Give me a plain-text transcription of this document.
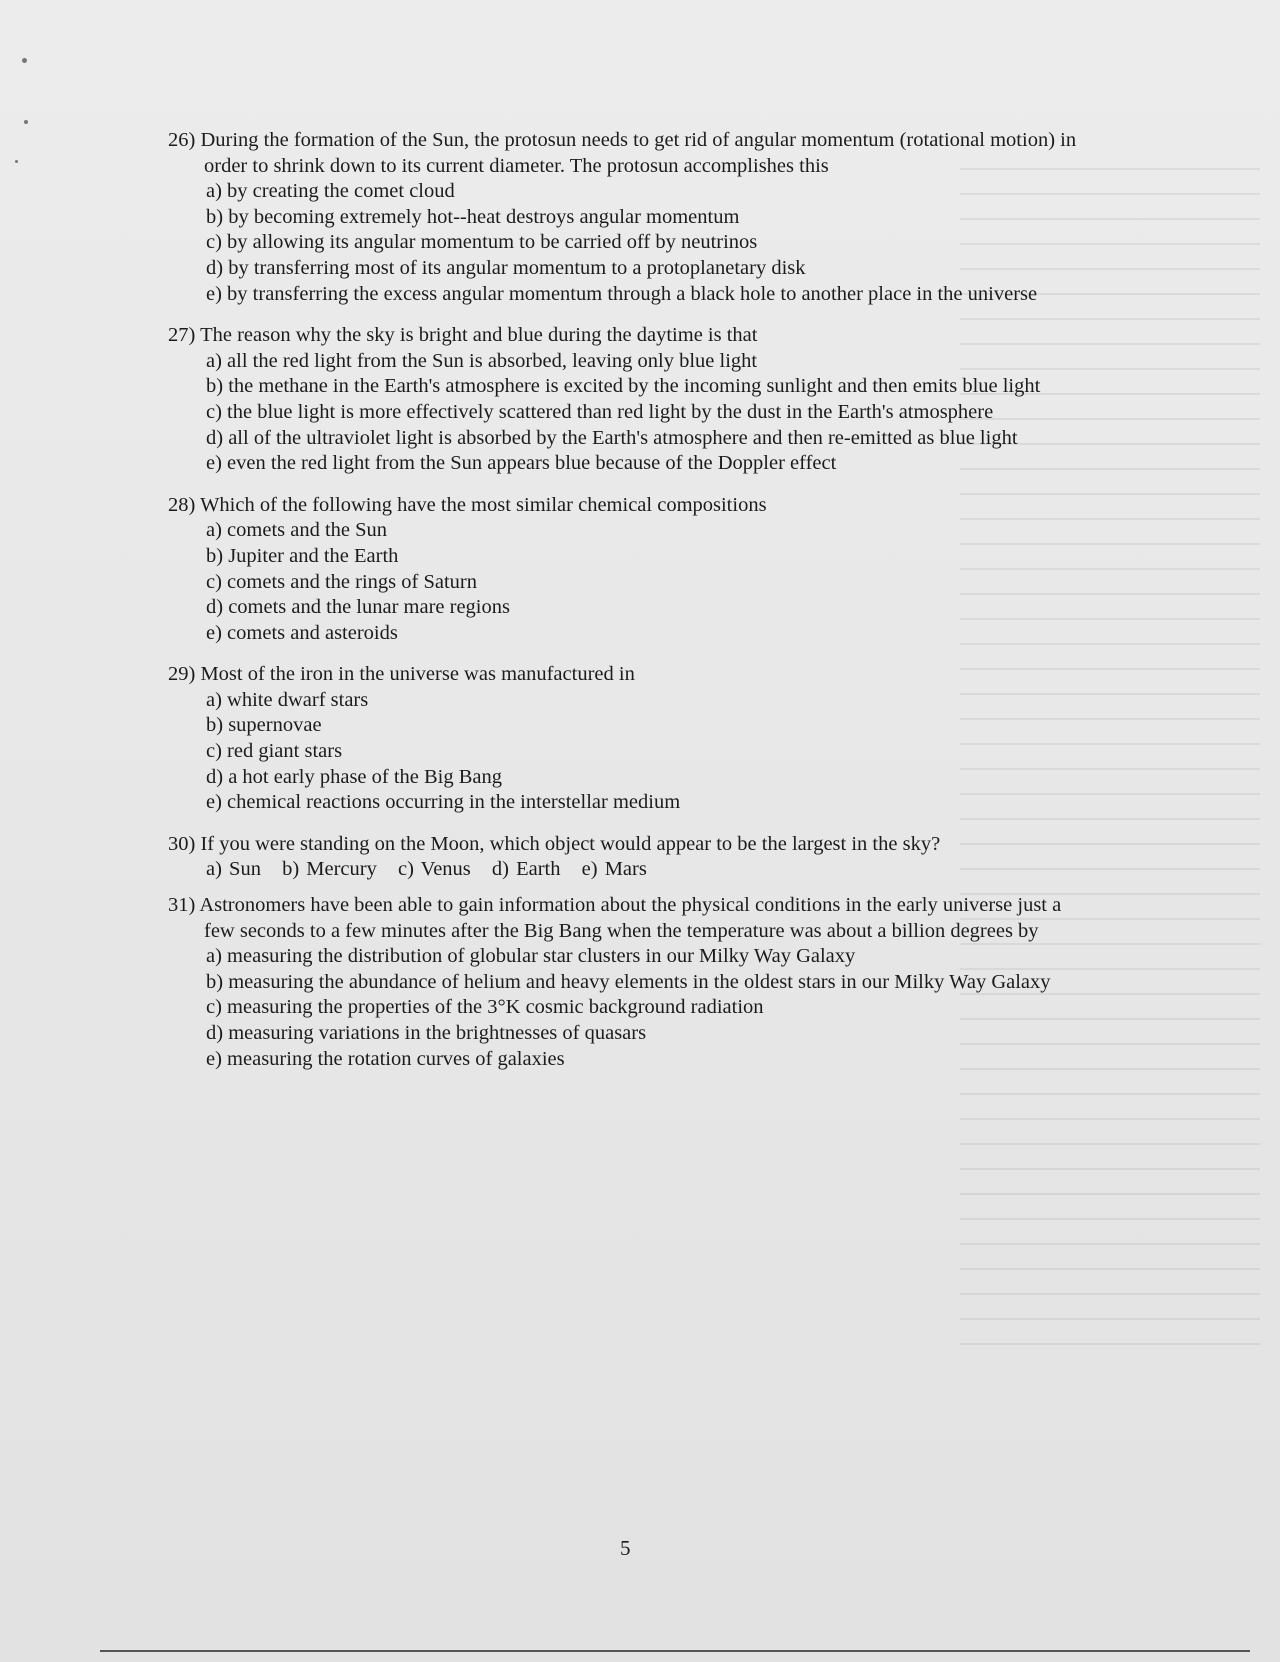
26) During the formation of the Sun, the protosun needs to get rid of angular momentum (rotational motion) in order to shrink down to its current diameter. The protosun accomplishes this

a) by creating the comet cloud
b) by becoming extremely hot--heat destroys angular momentum
c) by allowing its angular momentum to be carried off by neutrinos
d) by transferring most of its angular momentum to a protoplanetary disk
e) by transferring the excess angular momentum through a black hole to another place in the universe

27) The reason why the sky is bright and blue during the daytime is that

a) all the red light from the Sun is absorbed, leaving only blue light
b) the methane in the Earth's atmosphere is excited by the incoming sunlight and then emits blue light
c) the blue light is more effectively scattered than red light by the dust in the Earth's atmosphere
d) all of the ultraviolet light is absorbed by the Earth's atmosphere and then re-emitted as blue light
e) even the red light from the Sun appears blue because of the Doppler effect

28) Which of the following have the most similar chemical compositions

a) comets and the Sun
b) Jupiter and the Earth
c) comets and the rings of Saturn
d) comets and the lunar mare regions
e) comets and asteroids

29) Most of the iron in the universe was manufactured in

a) white dwarf stars
b) supernovae
c) red giant stars
d) a hot early phase of the Big Bang
e) chemical reactions occurring in the interstellar medium

30) If you were standing on the Moon, which object would appear to be the largest in the sky?

a) Sun b) Mercury c) Venus d) Earth e) Mars

31) Astronomers have been able to gain information about the physical conditions in the early universe just a few seconds to a few minutes after the Big Bang when the temperature was about a billion degrees by

a) measuring the distribution of globular star clusters in our Milky Way Galaxy
b) measuring the abundance of helium and heavy elements in the oldest stars in our Milky Way Galaxy
c) measuring the properties of the 3°K cosmic background radiation
d) measuring variations in the brightnesses of quasars
e) measuring the rotation curves of galaxies
5
